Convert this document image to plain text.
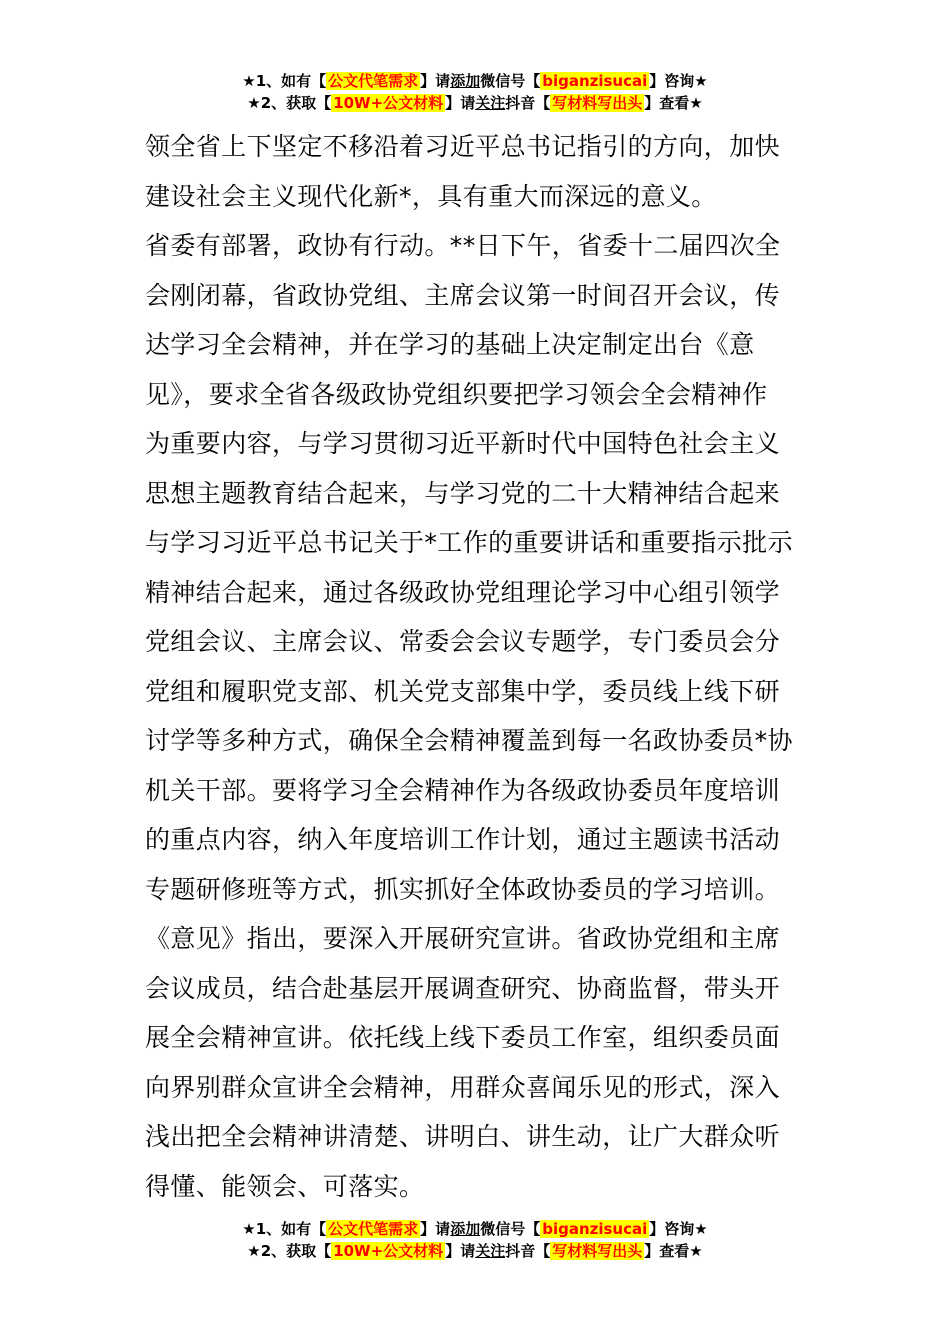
★1、如有【 公文代笔需求 】请添加微信号【 biganzisucai 】咨询★
★2、获取【 10W+公文材料 】请关注抖音【 写材料写出头 】查看★

领全省上下坚定不移沿着习近平总书记指引的方向，加快

建设社会主义现代化新*，具有重大而深远的意义。

省委有部署，政协有行动。**日下午，省委十二届四次全

会刚闭幕，省政协党组、主席会议第一时间召开会议，传

达学习全会精神，并在学习的基础上决定制定出台《意

见》，要求全省各级政协党组织要把学习领会全会精神作

为重要内容，与学习贯彻习近平新时代中国特色社会主义

思想主题教育结合起来，与学习党的二十大精神结合起来

与学习习近平总书记关于*工作的重要讲话和重要指示批示

精神结合起来，通过各级政协党组理论学习中心组引领学

党组会议、主席会议、常委会会议专题学，专门委员会分

党组和履职党支部、机关党支部集中学，委员线上线下研

讨学等多种方式，确保全会精神覆盖到每一名政协委员*协

机关干部。要将学习全会精神作为各级政协委员年度培训

的重点内容，纳入年度培训工作计划，通过主题读书活动

专题研修班等方式，抓实抓好全体政协委员的学习培训。

《意见》指出，要深入开展研究宣讲。省政协党组和主席

会议成员，结合赴基层开展调查研究、协商监督，带头开

展全会精神宣讲。依托线上线下委员工作室，组织委员面

向界别群众宣讲全会精神，用群众喜闻乐见的形式，深入

浅出把全会精神讲清楚、讲明白、讲生动，让广大群众听

得懂、能领会、可落实。

★1、如有【 公文代笔需求 】请添加微信号【 biganzisucai 】咨询★
★2、获取【 10W+公文材料 】请关注抖音【 写材料写出头 】查看★
